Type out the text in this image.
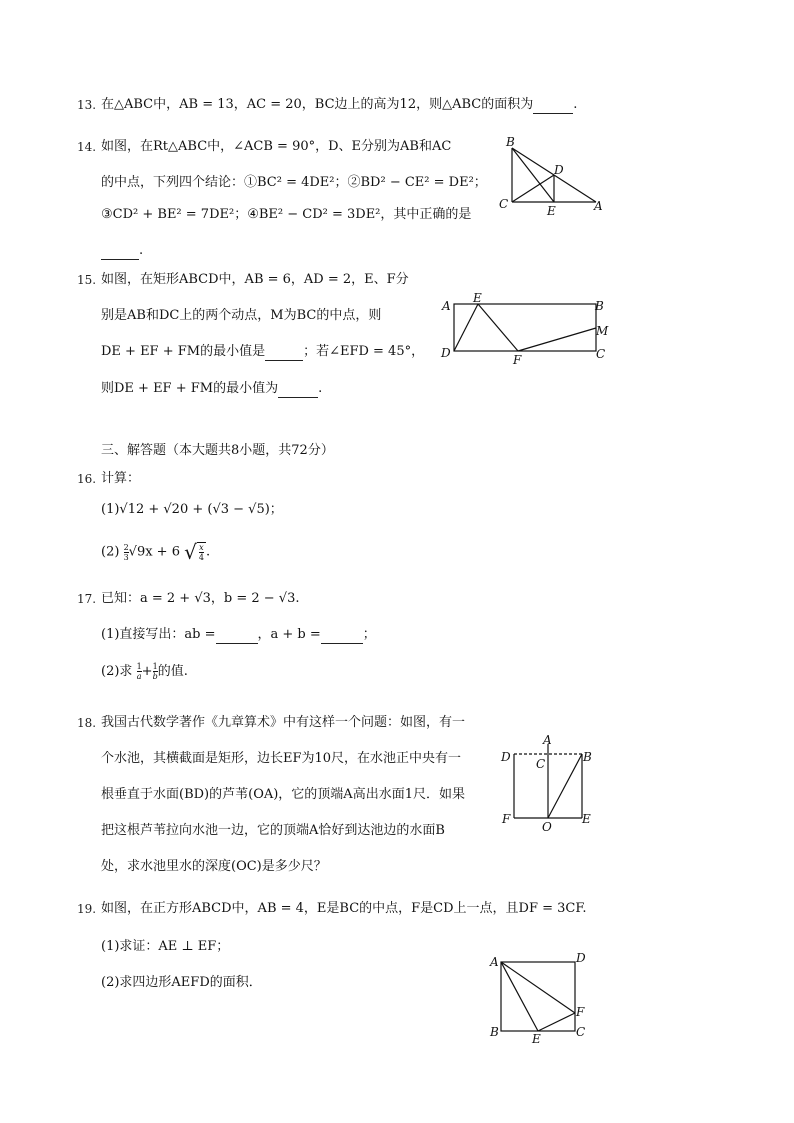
13. 在△ABC中，AB = 13，AC = 20，BC边上的高为12，则△ABC的面积为	.
14. 如图，在Rt△ABC中，∠ACB = 90°，D、E分别为AB和AC
的中点，下列四个结论：①BC² = 4DE²；②BD² − CE² = DE²；
③CD² + BE² = 7DE²；④BE² − CD² = 3DE²，其中正确的是
.
B
D
C	E	A
15. 如图，在矩形ABCD中，AB = 6，AD = 2，E、F分
别是AB和DC上的两个动点，M为BC的中点，则
DE + EF + FM的最小值是	；若∠EFD = 45°，
则DE + EF + FM的最小值为	.
A
E
B
M
D	F	C
三、解答题（本大题共8小题，共72分）
16. 计算：
(1)√12 + √20 + (√3 − √5)；
$(2) \frac{2}{3} √9x + 6$ √ $\frac{x}{4}$ .
17. 已知：a = 2 + √3，b = 2 − √3.
(1)直接写出：ab =	，a + b =	；
(2)求 $\frac{1}{a} + \frac{1}{b}$ 的值.
18. 我国古代数学著作《九章算术》中有这样一个问题：如图，有一
个水池，其横截面是矩形，边长EF为10尺，在水池正中央有一
根垂直于水面(BD)的芦苇(OA)，它的顶端A高出水面1尺．如果
把这根芦苇拉向水池一边，它的顶端A恰好到达池边的水面B
处，求水池里水的深度(OC)是多少尺？
A
D C	B
F
O
E
19. 如图，在正方形ABCD中，AB = 4，E是BC的中点，F是CD上一点，且DF = 3CF.
(1)求证：AE ⊥ EF；
(2)求四边形AEFD的面积．
A	D
F
B	E	C
